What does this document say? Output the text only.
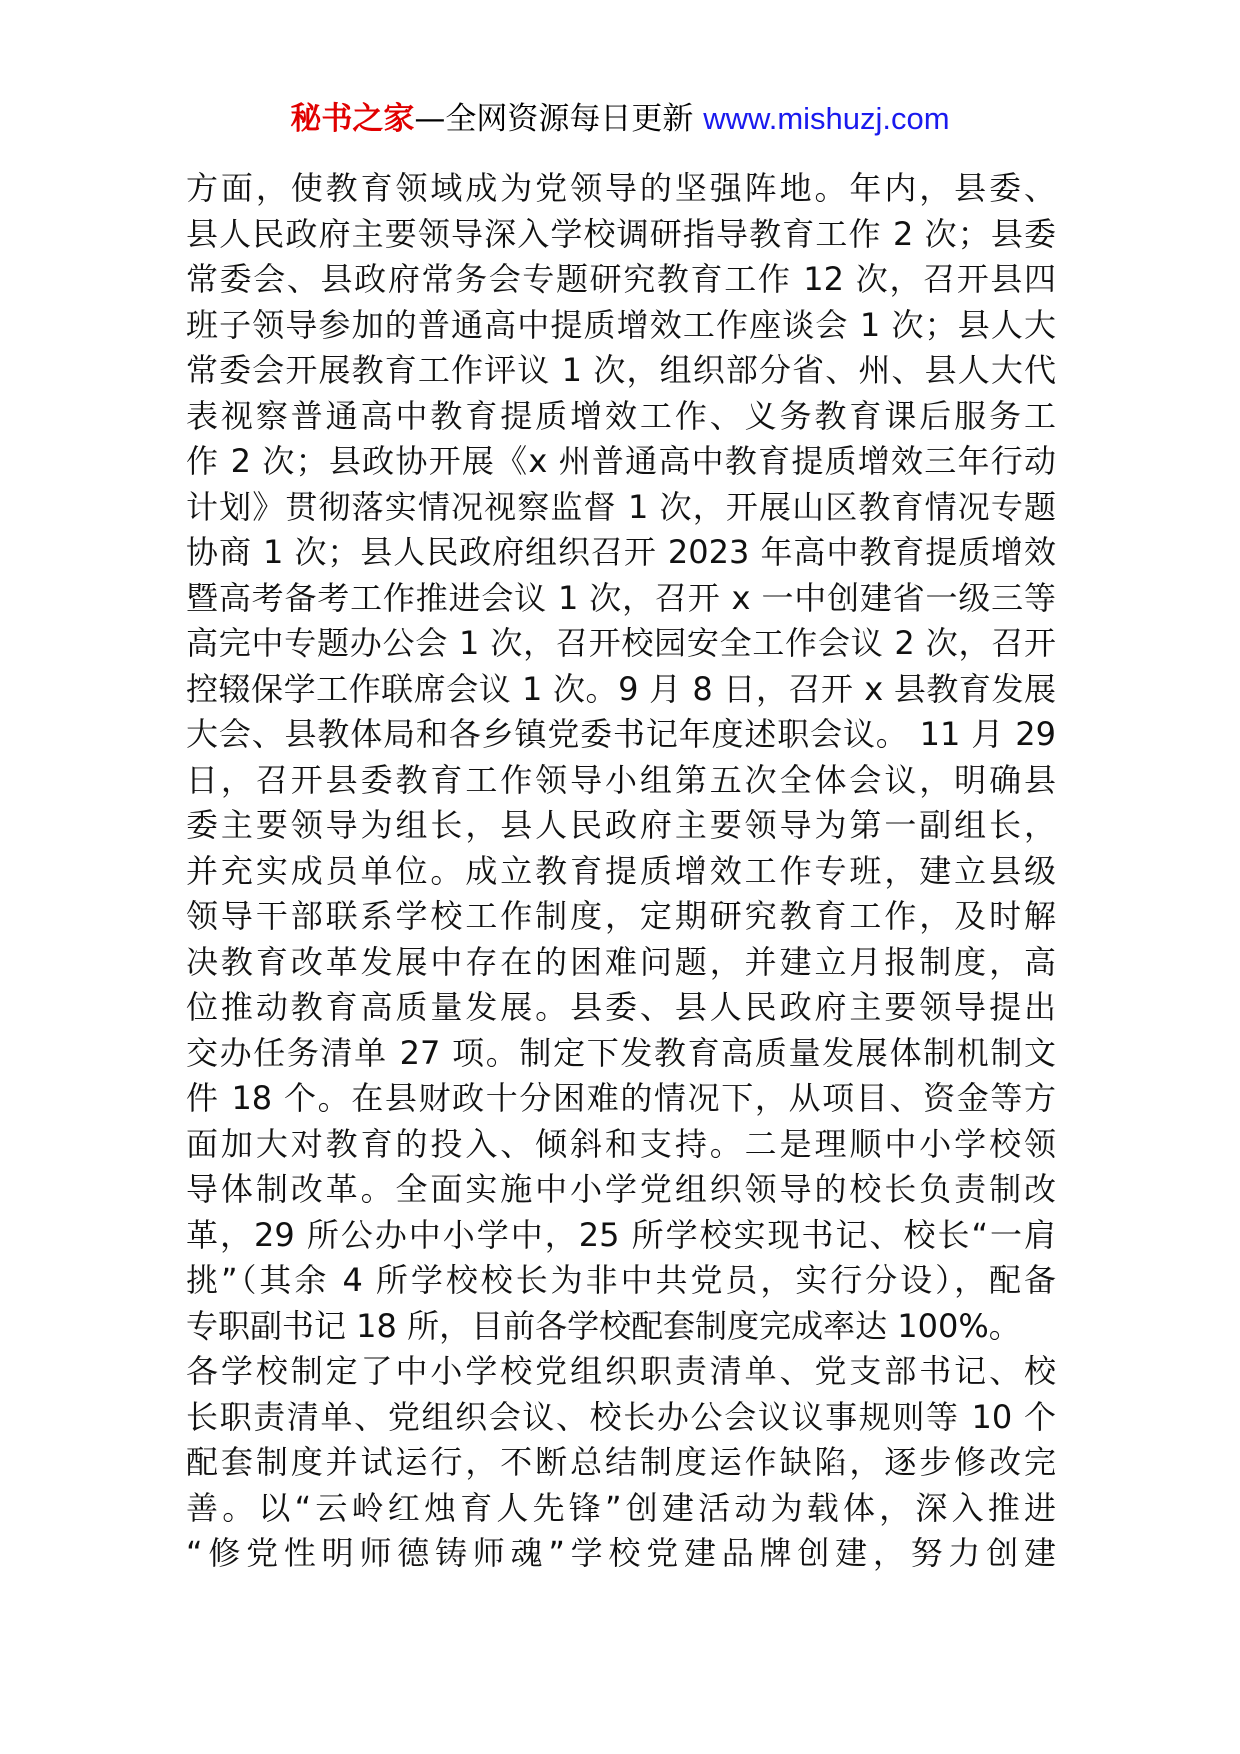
秘书之家—全网资源每日更新 www.mishuzj.com
方面，使教育领域成为党领导的坚强阵地。年内，县委、
县人民政府主要领导深入学校调研指导教育工作 2 次；县委
常委会、县政府常务会专题研究教育工作 12 次，召开县四
班子领导参加的普通高中提质增效工作座谈会 1 次；县人大
常委会开展教育工作评议 1 次，组织部分省、州、县人大代
表视察普通高中教育提质增效工作、义务教育课后服务工
作 2 次；县政协开展《x 州普通高中教育提质增效三年行动
计划》贯彻落实情况视察监督 1 次，开展山区教育情况专题
协商 1 次；县人民政府组织召开 2023 年高中教育提质增效
暨高考备考工作推进会议 1 次，召开 x 一中创建省一级三等
高完中专题办公会 1 次，召开校园安全工作会议 2 次，召开
控辍保学工作联席会议 1 次。9 月 8 日，召开 x 县教育发展
大会、县教体局和各乡镇党委书记年度述职会议。 11 月 29
日，召开县委教育工作领导小组第五次全体会议，明确县
委主要领导为组长，县人民政府主要领导为第一副组长，
并充实成员单位。成立教育提质增效工作专班，建立县级
领导干部联系学校工作制度，定期研究教育工作，及时解
决教育改革发展中存在的困难问题，并建立月报制度，高
位推动教育高质量发展。县委、县人民政府主要领导提出
交办任务清单 27 项。制定下发教育高质量发展体制机制文
件 18 个。在县财政十分困难的情况下，从项目、资金等方
面加大对教育的投入、倾斜和支持。二是理顺中小学校领
导体制改革。全面实施中小学党组织领导的校长负责制改
革，29 所公办中小学中，25 所学校实现书记、校长“一肩
挑”（其余 4 所学校校长为非中共党员，实行分设），配备
专职副书记 18 所，目前各学校配套制度完成率达 100%。
各学校制定了中小学校党组织职责清单、党支部书记、校
长职责清单、党组织会议、校长办公会议议事规则等 10 个
配套制度并试运行，不断总结制度运作缺陷，逐步修改完
善。以“云岭红烛育人先锋”创建活动为载体，深入推进
“修党性明师德铸师魂”学校党建品牌创建，努力创建
